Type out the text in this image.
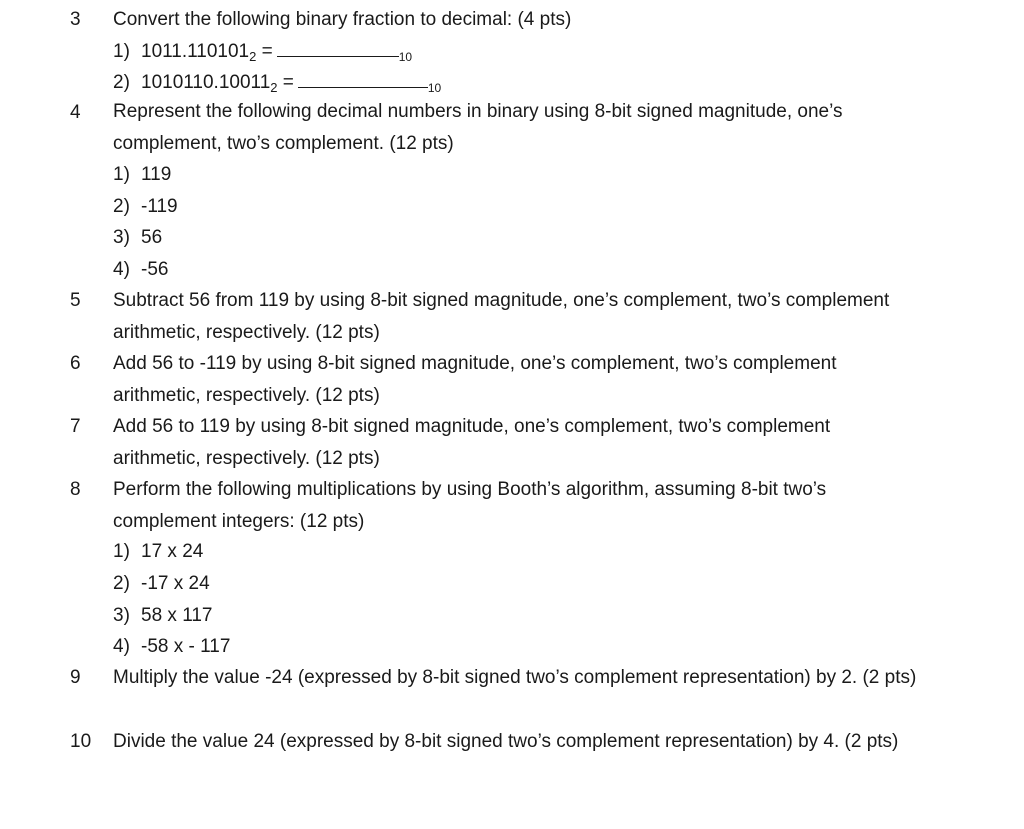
3 Convert the following binary fraction to decimal: (4 pts)
1) $1011.110101_2$ =	$_{10}$
2) $1010110.10011_2$ =	$_{10}$
4 Represent the following decimal numbers in binary using 8-bit signed magnitude, one’s complement, two’s complement. (12 pts)
1) 119
2) -119
3) 56
4) -56
5 Subtract 56 from 119 by using 8-bit signed magnitude, one’s complement, two’s complement arithmetic, respectively. (12 pts)
6 Add 56 to -119 by using 8-bit signed magnitude, one’s complement, two’s complement arithmetic, respectively. (12 pts)
7 Add 56 to 119 by using 8-bit signed magnitude, one’s complement, two’s complement arithmetic, respectively. (12 pts)
8 Perform the following multiplications by using Booth’s algorithm, assuming 8-bit two’s complement integers: (12 pts)
1) 17 x 24
2) -17 x 24
3) 58 x 117
4) -58 x - 117
9 Multiply the value -24 (expressed by 8-bit signed two’s complement representation) by 2. (2 pts)
10 Divide the value 24 (expressed by 8-bit signed two’s complement representation) by 4. (2 pts)
